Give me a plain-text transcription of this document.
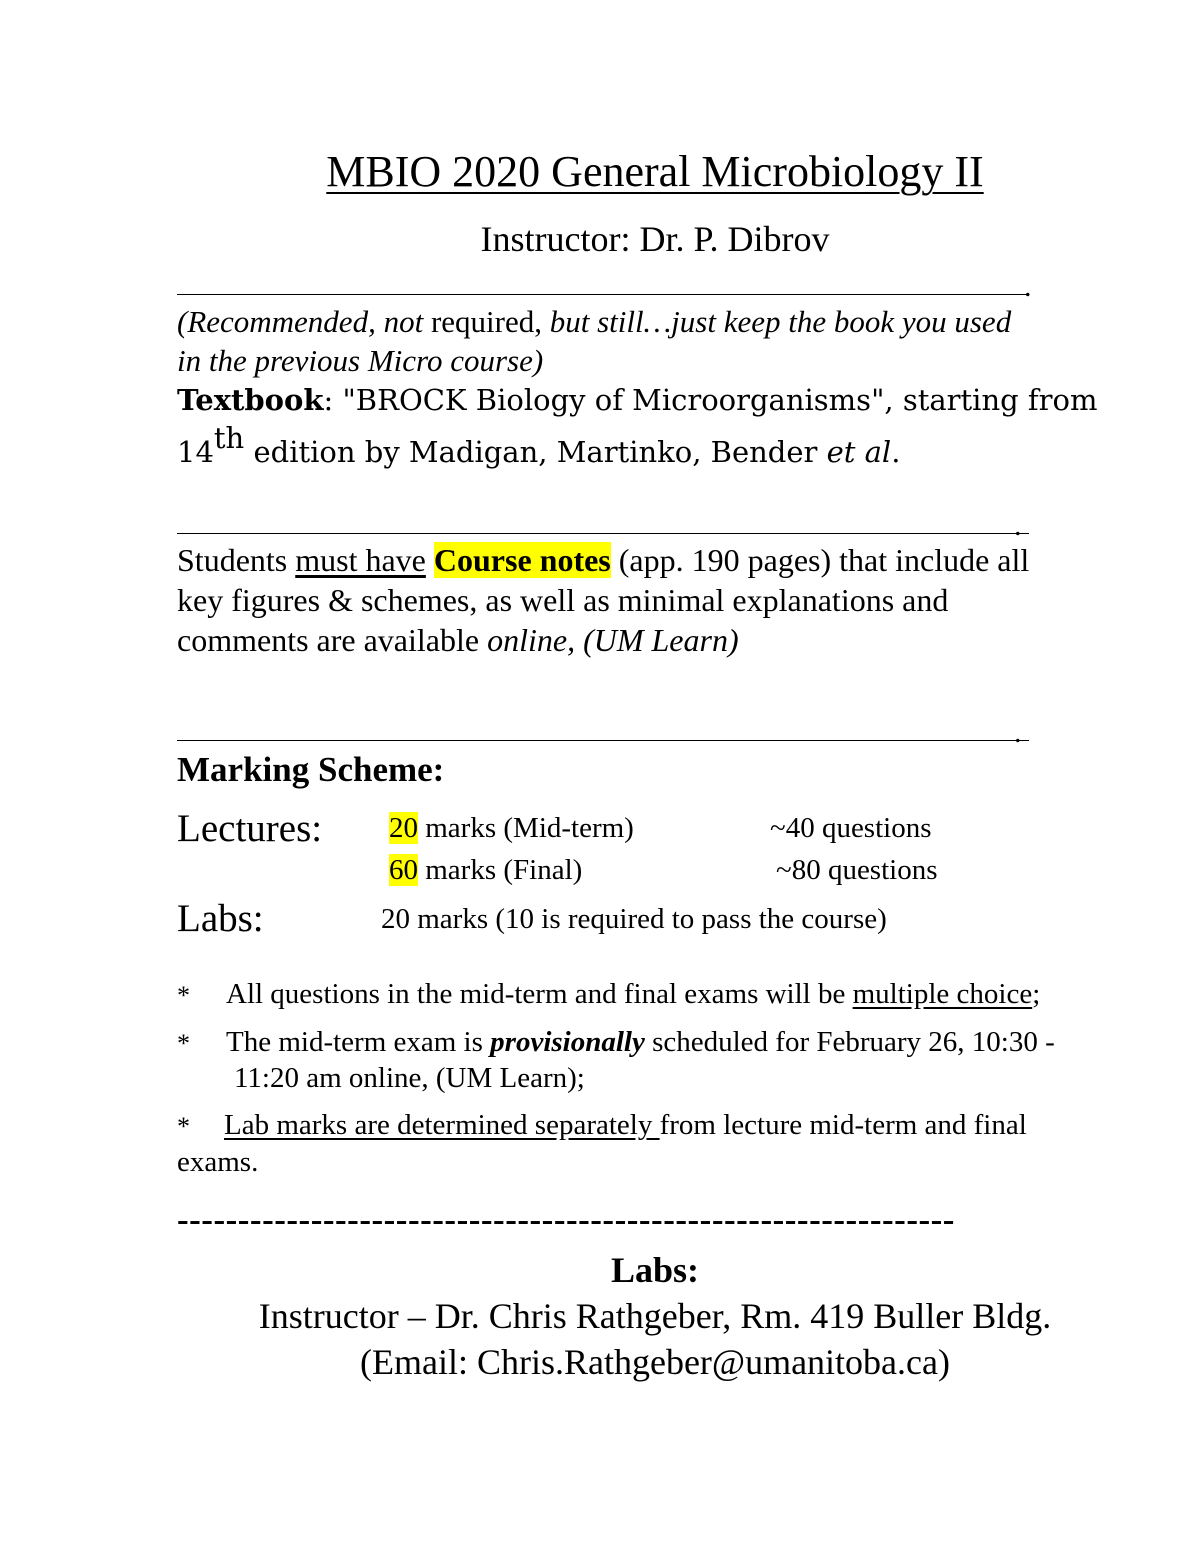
MBIO 2020 General Microbiology II
Instructor: Dr. P. Dibrov
.
(Recommended, not required, but still…just keep the book you used
in the previous Micro course)
Textbook: "BROCK Biology of Microorganisms", starting from
14th edition by Madigan, Martinko, Bender et al.
.
Students must have Course notes (app. 190 pages) that include all
key figures & schemes, as well as minimal explanations and
comments are available online, (UM Learn)
.
Marking Scheme:
Lectures: 20 marks (Mid-term)	~40 questions
60 marks (Final)	~80 questions
Labs:	20 marks (10 is required to pass the course)
* All questions in the mid-term and final exams will be multiple choice;
* The mid-term exam is provisionally scheduled for February 26, 10:30 -
11:20 am online, (UM Learn);
* Lab marks are determined separately from lecture mid-term and final
exams.
----------------------------------------------------------------
Labs:
Instructor – Dr. Chris Rathgeber, Rm. 419 Buller Bldg.
(Email: Chris.Rathgeber@umanitoba.ca)
